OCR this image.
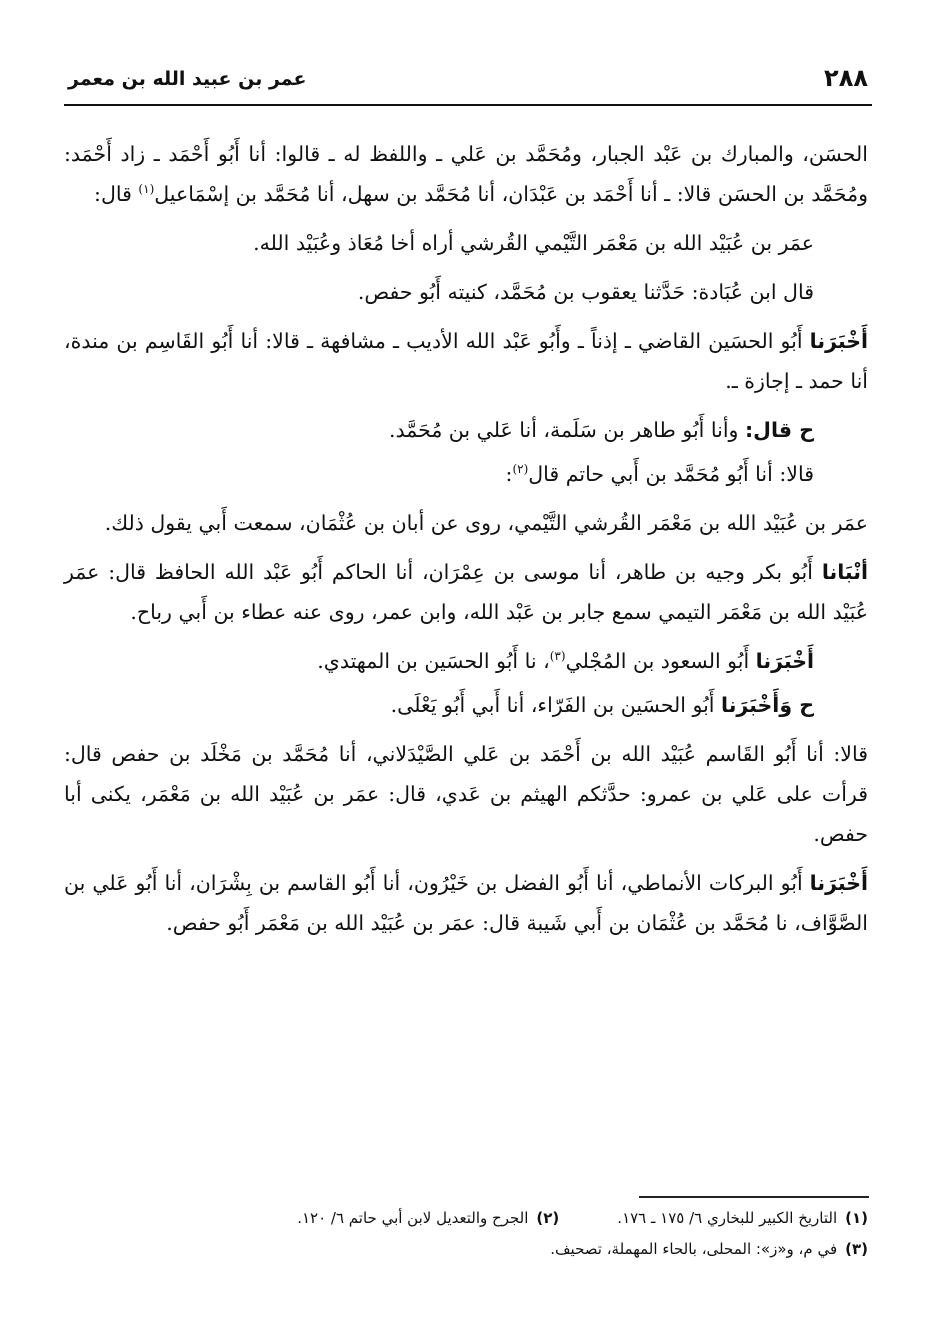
٢٨٨
عمر بن عبيد الله بن معمر

الحسَن، والمبارك بن عَبْد الجبار، ومُحَمَّد بن عَلي ـ واللفظ له ـ قالوا: أنا أَبُو أَحْمَد ـ زاد أَحْمَد: ومُحَمَّد بن الحسَن قالا: ـ أنا أَحْمَد بن عَبْدَان، أنا مُحَمَّد بن سهل، أنا مُحَمَّد بن إسْمَاعيل$^{(١)}$ قال:

عمَر بن عُبَيْد الله بن مَعْمَر التَّيْمي القُرشي أراه أخا مُعَاذ وعُبَيْد الله.

قال ابن عُبَادة: حَدَّثنا يعقوب بن مُحَمَّد، كنيته أَبُو حفص.

أَخْبَرَنا أَبُو الحسَين القاضي ـ إذناً ـ وأَبُو عَبْد الله الأديب ـ مشافهة ـ قالا: أنا أَبُو القَاسِم بن مندة، أنا حمد ـ إجازة ـ.

ح قال: وأنا أَبُو طاهر بن سَلَمة، أنا عَلي بن مُحَمَّد.

قالا: أنا أَبُو مُحَمَّد بن أَبي حاتم قال$^{(٢)}$:

عمَر بن عُبَيْد الله بن مَعْمَر القُرشي التَّيْمي، روى عن أبان بن عُثْمَان، سمعت أَبي يقول ذلك.

أنْبَانا أَبُو بكر وجيه بن طاهر، أنا موسى بن عِمْرَان، أنا الحاكم أَبُو عَبْد الله الحافظ قال: عمَر عُبَيْد الله بن مَعْمَر التيمي سمع جابر بن عَبْد الله، وابن عمر، روى عنه عطاء بن أَبي رباح.

أَخْبَرَنا أَبُو السعود بن المُجْلي$^{(٣)}$، نا أَبُو الحسَين بن المهتدي.

ح وَأَخْبَرَنا أَبُو الحسَين بن الفَرّاء، أنا أَبي أَبُو يَعْلَى.

قالا: أنا أَبُو القَاسم عُبَيْد الله بن أَحْمَد بن عَلي الصَّيْدَلاني، أنا مُحَمَّد بن مَخْلَد بن حفص قال: قرأت على عَلي بن عمرو: حدَّثكم الهيثم بن عَدي، قال: عمَر بن عُبَيْد الله بن مَعْمَر، يكنى أبا حفص.

أَخْبَرَنا أَبُو البركات الأنماطي، أنا أَبُو الفضل بن خَيْرُون، أنا أَبُو القاسم بن بِشْرَان، أنا أَبُو عَلي بن الصَّوَّاف، نا مُحَمَّد بن عُثْمَان بن أَبي شَيبة قال: عمَر بن عُبَيْد الله بن مَعْمَر أَبُو حفص.

(١)التاريخ الكبير للبخاري ٦/ ١٧٥ ـ ١٧٦.(٢)الجرح والتعديل لابن أبي حاتم ٦/ ١٢٠.
(٣)في م، و«ز»: المحلى، بالحاء المهملة، تصحيف.
